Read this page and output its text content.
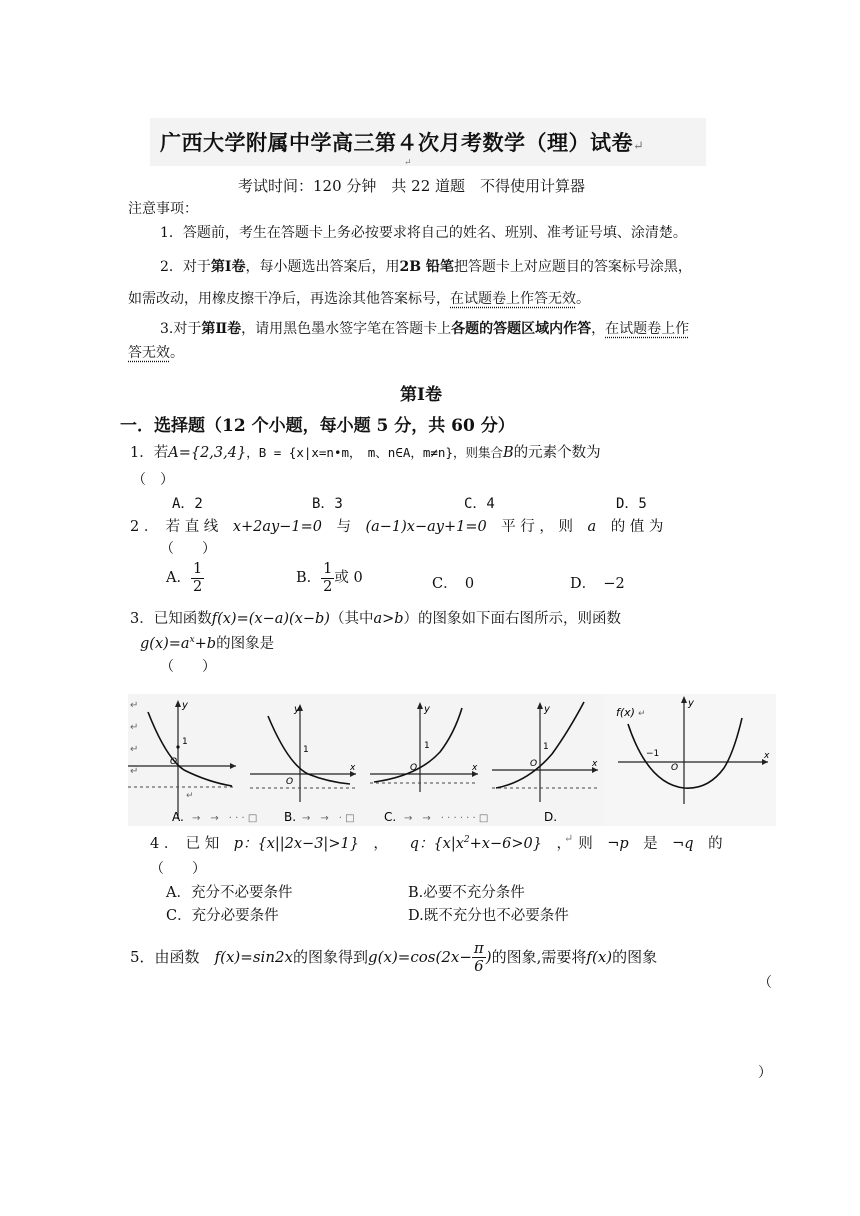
广西大学附属中学高三第４次月考数学（理）试卷↵
↵
考试时间：120 分钟　共 22 道题　不得使用计算器
注意事项：
1．答题前，考生在答题卡上务必按要求将自己的姓名、班别、准考证号填、涂清楚。
2．对于第Ⅰ卷，每小题选出答案后，用2B 铅笔把答题卡上对应题目的答案标号涂黑，
如需改动，用橡皮擦干净后，再选涂其他答案标号，在试题卷上作答无效。
3.对于第Ⅱ卷，请用黑色墨水签字笔在答题卡上各题的答题区域内作答，在试题卷上作
答无效。
第Ⅰ卷
一．选择题（12 个小题，每小题 5 分，共 60 分）
1．若A={2,3,4}，B = {x|x=n•m，　m、n∈A，m≠n}，则集合B的元素个数为
（　）
A．2	B．3	C．4	D．5
2 ．　 若 直 线　 x+2ay−1=0　 与　 (a−1)x−ay+1=0　 平 行 ， 则　 a　 的 值 为
（　　）
A． $\frac{1}{2}$	B． $\frac{1}{2}$ 或 0	C．　0	D．　−2
3．已知函数f(x)=(x−a)(x−b)（其中a>b）的图象如下面右图所示，则函数
$g(x)=a^x+b$的图象是
（　　）
↵
↵
↵
↵
y
1
O
↵
x
y
1
O
x
y
1
O	x
y
1
O
x
y
f(x) ↵
−1
O
A. →　→　· · · □ B. →　→　· □ C. →　→　· · · · · · □	D.
4 ．　 已 知　 p：{x||2x−3|>1}　 ，　　 q：$\{x|x^2+x-6>0\}$　 ，　 则　 ¬p　 是　 ¬q　 的
↵
（　　）
A．充分不必要条件	B.必要不充分条件
C．充分必要条件	D.既不充分也不必要条件
5．由函数　 f(x)=sin2x的图象得到$g(x)=\cos(2x- \frac{\pi}{6}$ )的图象,需要将f(x)的图象
（
）
